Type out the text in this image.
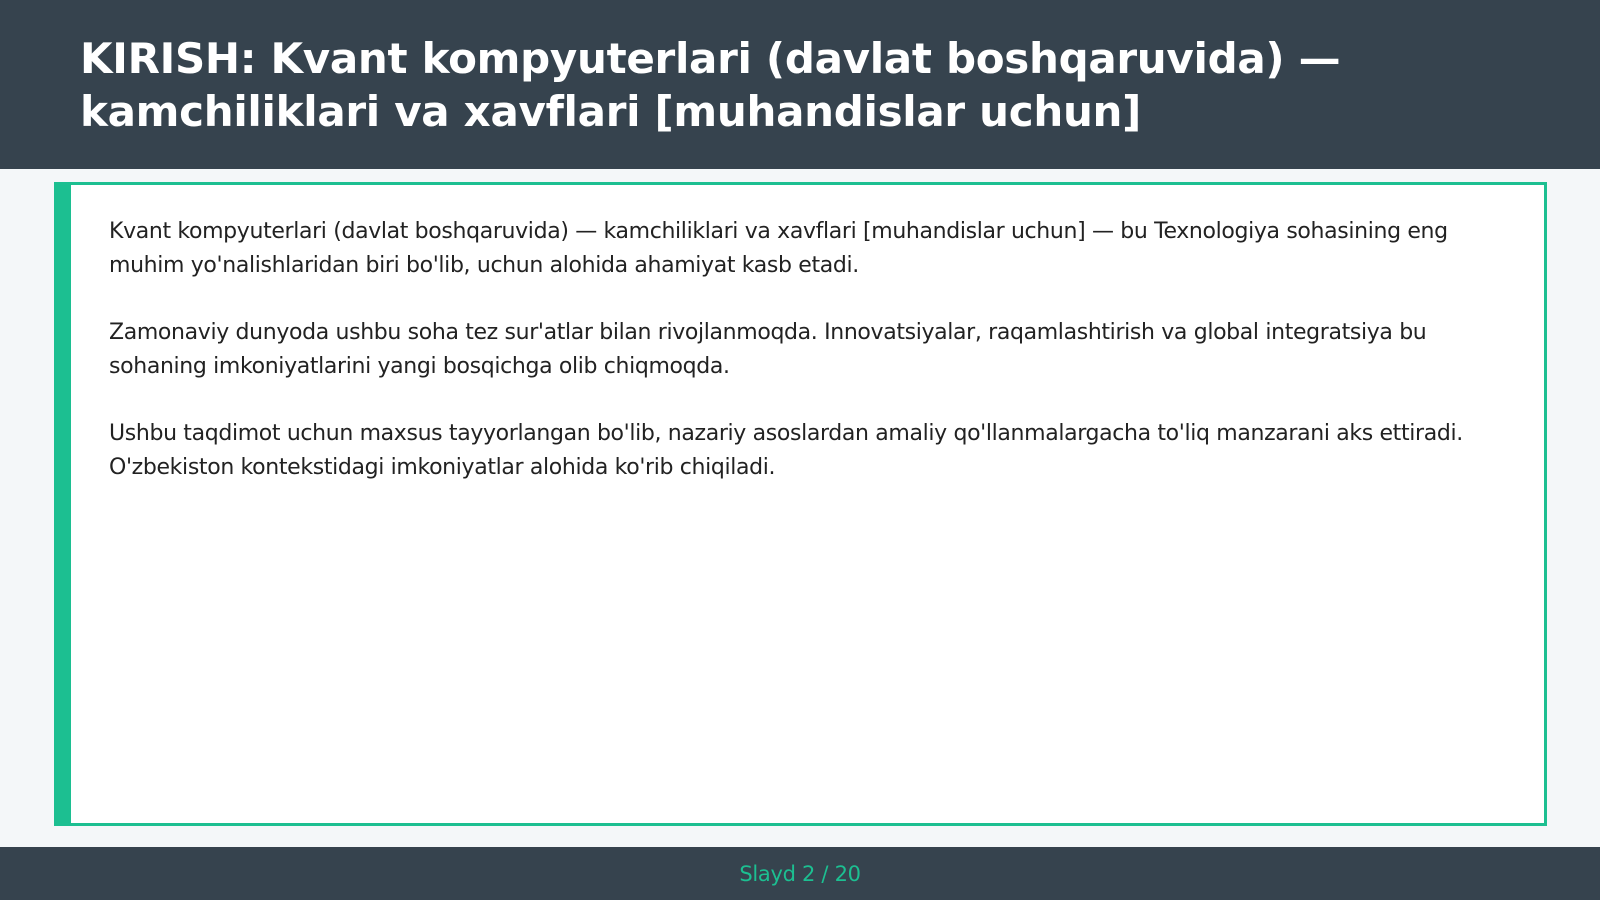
KIRISH: Kvant kompyuterlari (davlat boshqaruvida) — kamchiliklari va xavflari [muhandislar uchun]

Kvant kompyuterlari (davlat boshqaruvida) — kamchiliklari va xavflari [muhandislar uchun] — bu Texnologiya sohasining eng muhim yo'nalishlaridan biri bo'lib, uchun alohida ahamiyat kasb etadi.

Zamonaviy dunyoda ushbu soha tez sur'atlar bilan rivojlanmoqda. Innovatsiyalar, raqamlashtirish va global integratsiya bu sohaning imkoniyatlarini yangi bosqichga olib chiqmoqda.

Ushbu taqdimot uchun maxsus tayyorlangan bo'lib, nazariy asoslardan amaliy qo'llanmalargacha to'liq manzarani aks ettiradi. O'zbekiston kontekstidagi imkoniyatlar alohida ko'rib chiqiladi.

Slayd 2 / 20
